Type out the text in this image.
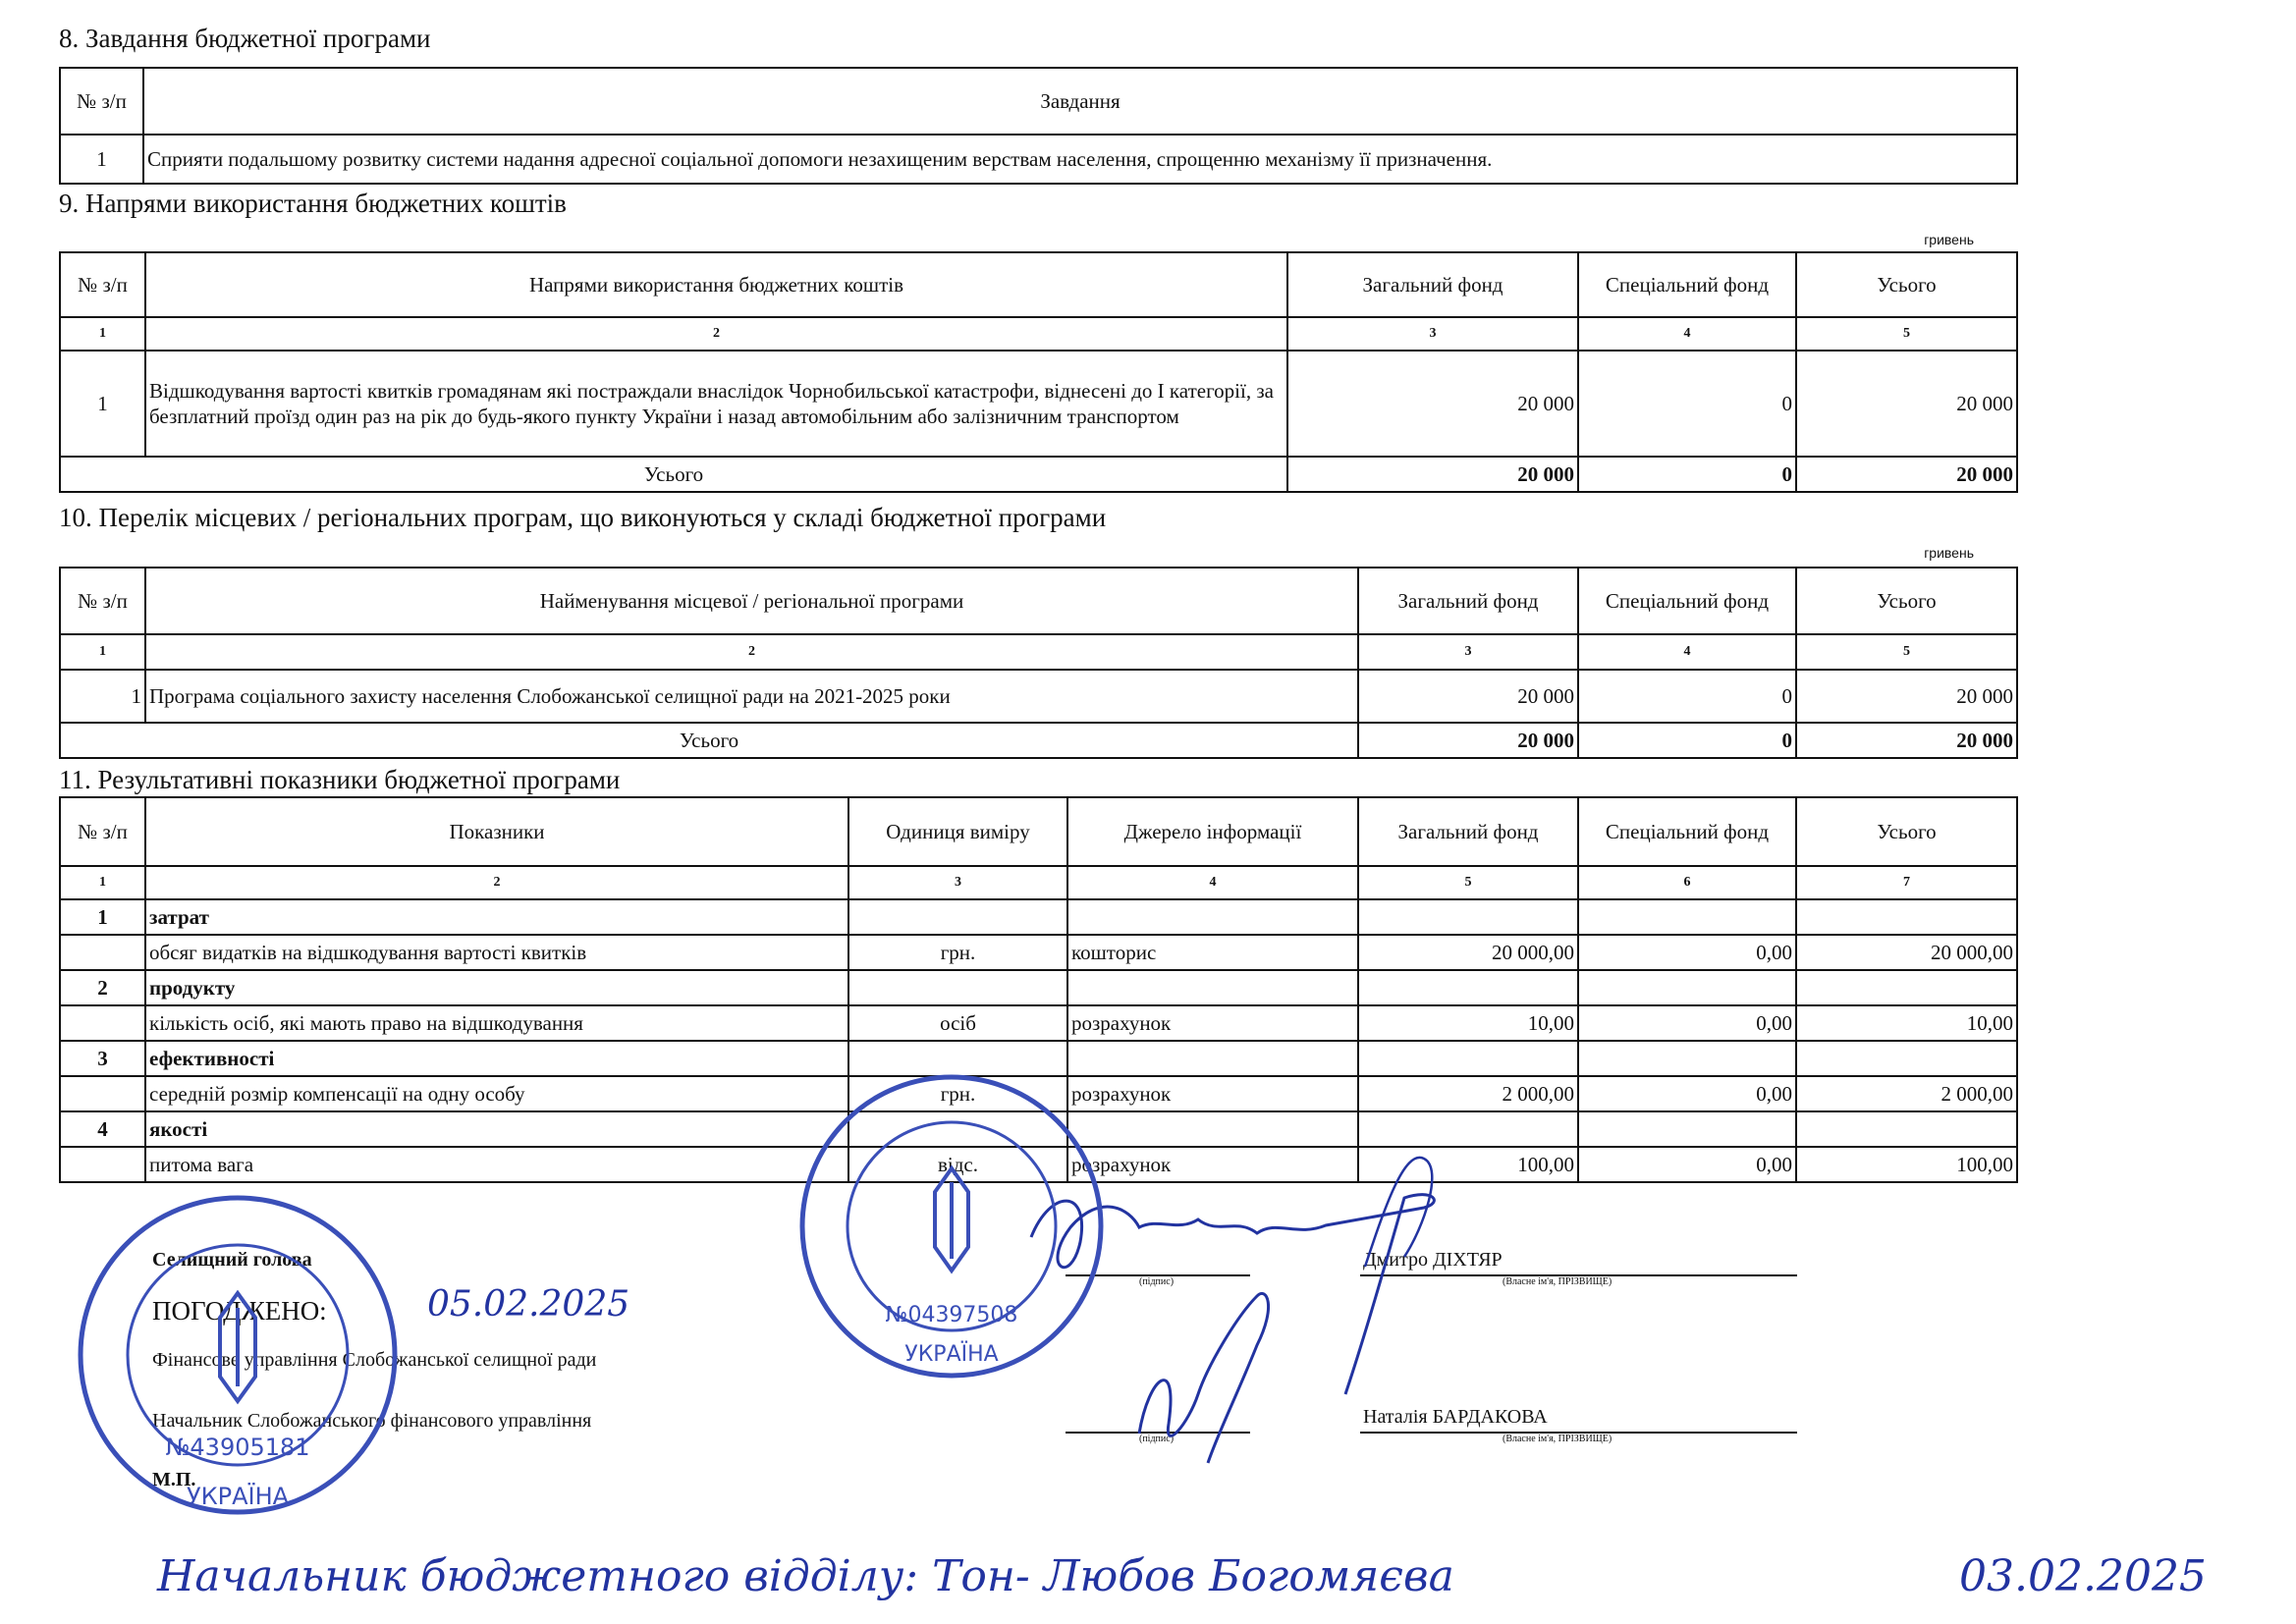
8. Завдання бюджетної програми
№ з/п	Завдання
1	Сприяти подальшому розвитку системи надання адресної соціальної допомоги незахищеним верствам населення, спрощенню механізму її призначення.
9. Напрями використання бюджетних коштів
гривень
№ з/п	Напрями використання бюджетних коштів	Загальний фонд	Спеціальний фонд	Усього
1	2	3	4	5
1	Відшкодування вартості квитків громадянам які постраждали внаслідок Чорнобильської катастрофи, віднесені до І категорії, за безплатний проїзд один раз на рік до будь-якого пункту України і назад автомобільним або залізничним транспортом	20 000	0	20 000
Усього		20 000	0	20 000
10. Перелік місцевих / регіональних програм, що виконуються у складі бюджетної програми
гривень
№ з/п	Найменування місцевої / регіональної програми	Загальний фонд	Спеціальний фонд	Усього
1	2	3	4	5
1	Програма соціального захисту населення Слобожанської селищної ради на 2021-2025 роки	20 000	0	20 000
Усього		20 000	0	20 000
11. Результативні показники бюджетної програми
№ з/п	Показники	Одиниця виміру	Джерело інформації	Загальний фонд	Спеціальний фонд	Усього
1	2	3	4	5	6	7
1	затрат					
	обсяг видатків на відшкодування вартості квитків	грн.	кошторис	20 000,00	0,00	20 000,00
2	продукту					
	кількість осіб, які мають право на відшкодування	осіб	розрахунок	10,00	0,00	10,00
3	ефективності					
	середній розмір компенсації на одну особу	грн.	розрахунок	2 000,00	0,00	2 000,00
4	якості					
	питома вага	відс.	розрахунок	100,00	0,00	100,00
Селищний голова
(підпис)
Дмитро ДІХТЯР
(Власне ім'я, ПРІЗВИЩЕ)
ПОГОДЖЕНО:	05.02.2025
Фінансове управління Слобожанської селищної ради
Начальник Слобожанського фінансового управління
(підпис)
Наталія БАРДАКОВА
(Власне ім'я, ПРІЗВИЩЕ)
М.П.
Начальник бюджетного відділу: Тон- Любов Богомяєва	03.02.2025
№43905181
УКРАЇНА
№04397508
УКРАЇНА
